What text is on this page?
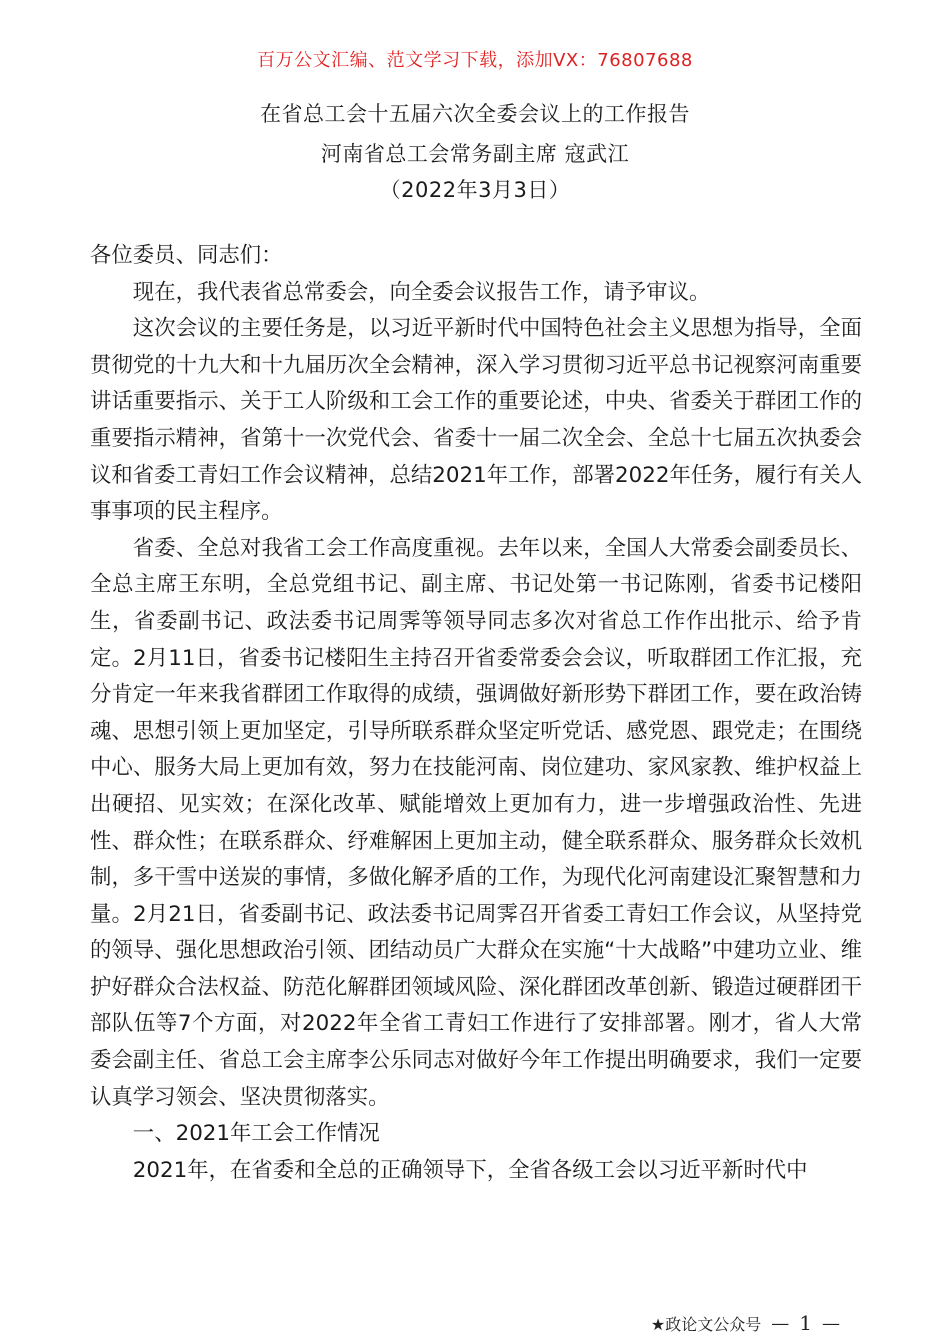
百万公文汇编、范文学习下载，添加VX：76807688
在省总工会十五届六次全委会议上的工作报告
河南省总工会常务副主席 寇武江
（2022年3月3日）

各位委员、同志们：

现在，我代表省总常委会，向全委会议报告工作，请予审议。

这次会议的主要任务是，以习近平新时代中国特色社会主义思想为指导，全面贯彻党的十九大和十九届历次全会精神，深入学习贯彻习近平总书记视察河南重要讲话重要指示、关于工人阶级和工会工作的重要论述，中央、省委关于群团工作的重要指示精神，省第十一次党代会、省委十一届二次全会、全总十七届五次执委会议和省委工青妇工作会议精神，总结2021年工作，部署2022年任务，履行有关人事事项的民主程序。

省委、全总对我省工会工作高度重视。去年以来，全国人大常委会副委员长、全总主席王东明，全总党组书记、副主席、书记处第一书记陈刚，省委书记楼阳生，省委副书记、政法委书记周霁等领导同志多次对省总工作作出批示、给予肯定。2月11日，省委书记楼阳生主持召开省委常委会会议，听取群团工作汇报，充分肯定一年来我省群团工作取得的成绩，强调做好新形势下群团工作，要在政治铸魂、思想引领上更加坚定，引导所联系群众坚定听党话、感党恩、跟党走；在围绕中心、服务大局上更加有效，努力在技能河南、岗位建功、家风家教、维护权益上出硬招、见实效；在深化改革、赋能增效上更加有力，进一步增强政治性、先进性、群众性；在联系群众、纾难解困上更加主动，健全联系群众、服务群众长效机制，多干雪中送炭的事情，多做化解矛盾的工作，为现代化河南建设汇聚智慧和力量。2月21日，省委副书记、政法委书记周霁召开省委工青妇工作会议，从坚持党的领导、强化思想政治引领、团结动员广大群众在实施“十大战略”中建功立业、维护好群众合法权益、防范化解群团领域风险、深化群团改革创新、锻造过硬群团干部队伍等7个方面，对2022年全省工青妇工作进行了安排部署。刚才，省人大常委会副主任、省总工会主席李公乐同志对做好今年工作提出明确要求，我们一定要认真学习领会、坚决贯彻落实。

一、2021年工会工作情况

2021年，在省委和全总的正确领导下，全省各级工会以习近平新时代中

★政论文公众号 — 1 —
